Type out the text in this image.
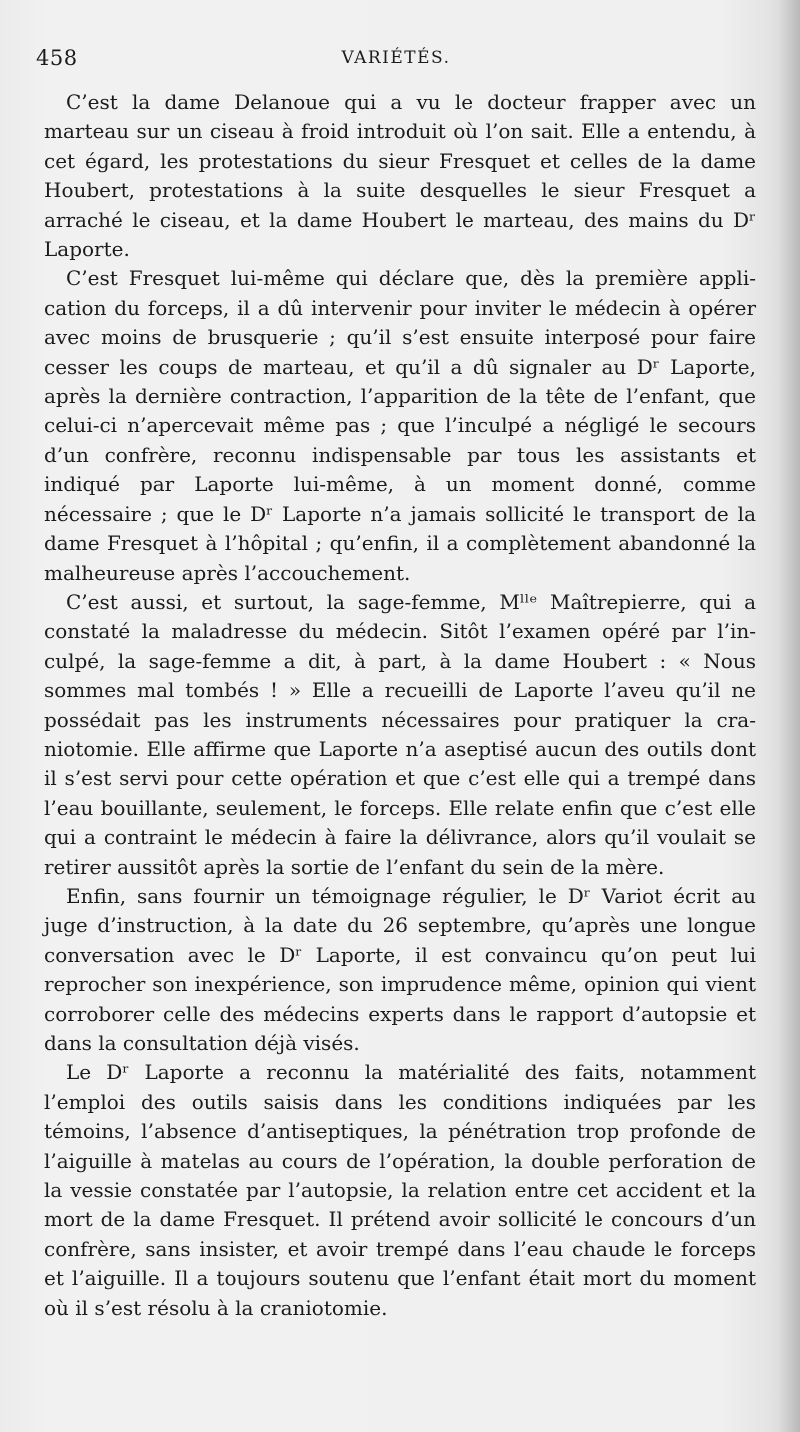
458	VARIÉTÉS.

C’est la dame Delanoue qui a vu le docteur frapper avec un marteau sur un ciseau à froid introduit où l’on sait. Elle a entendu, à cet égard, les protestations du sieur Fresquet et celles de la dame Houbert, protestations à la suite desquelles le sieur Fresquet a arraché le ciseau, et la dame Houbert le marteau, des mains du Dʳ Laporte.

C’est Fresquet lui-même qui déclare que, dès la première application du forceps, il a dû intervenir pour inviter le médecin à opérer avec moins de brusquerie ; qu’il s’est ensuite interposé pour faire cesser les coups de marteau, et qu’il a dû signaler au Dʳ Laporte, après la dernière contraction, l’apparition de la tête de l’enfant, que celui-ci n’apercevait même pas ; que l’inculpé a négligé le secours d’un confrère, reconnu indispensable par tous les assistants et indiqué par Laporte lui-même, à un moment donné, comme nécessaire ; que le Dʳ Laporte n’a jamais sollicité le transport de la dame Fresquet à l’hôpital ; qu’enfin, il a complètement abandonné la malheureuse après l’accouchement.

C’est aussi, et surtout, la sage-femme, Mˡˡᵉ Maîtrepierre, qui a constaté la maladresse du médecin. Sitôt l’examen opéré par l’inculpé, la sage-femme a dit, à part, à la dame Houbert : « Nous sommes mal tombés ! » Elle a recueilli de Laporte l’aveu qu’il ne possédait pas les instruments nécessaires pour pratiquer la craniotomie. Elle affirme que Laporte n’a aseptisé aucun des outils dont il s’est servi pour cette opération et que c’est elle qui a trempé dans l’eau bouillante, seulement, le forceps. Elle relate enfin que c’est elle qui a contraint le médecin à faire la délivrance, alors qu’il voulait se retirer aussitôt après la sortie de l’enfant du sein de la mère.

Enfin, sans fournir un témoignage régulier, le Dʳ Variot écrit au juge d’instruction, à la date du 26 septembre, qu’après une longue conversation avec le Dʳ Laporte, il est convaincu qu’on peut lui reprocher son inexpérience, son imprudence même, opinion qui vient corroborer celle des médecins experts dans le rapport d’autopsie et dans la consultation déjà visés.

Le Dʳ Laporte a reconnu la matérialité des faits, notamment l’emploi des outils saisis dans les conditions indiquées par les témoins, l’absence d’antiseptiques, la pénétration trop profonde de l’aiguille à matelas au cours de l’opération, la double perforation de la vessie constatée par l’autopsie, la relation entre cet accident et la mort de la dame Fresquet. Il prétend avoir sollicité le concours d’un confrère, sans insister, et avoir trempé dans l’eau chaude le forceps et l’aiguille. Il a toujours soutenu que l’enfant était mort du moment où il s’est résolu à la craniotomie.
